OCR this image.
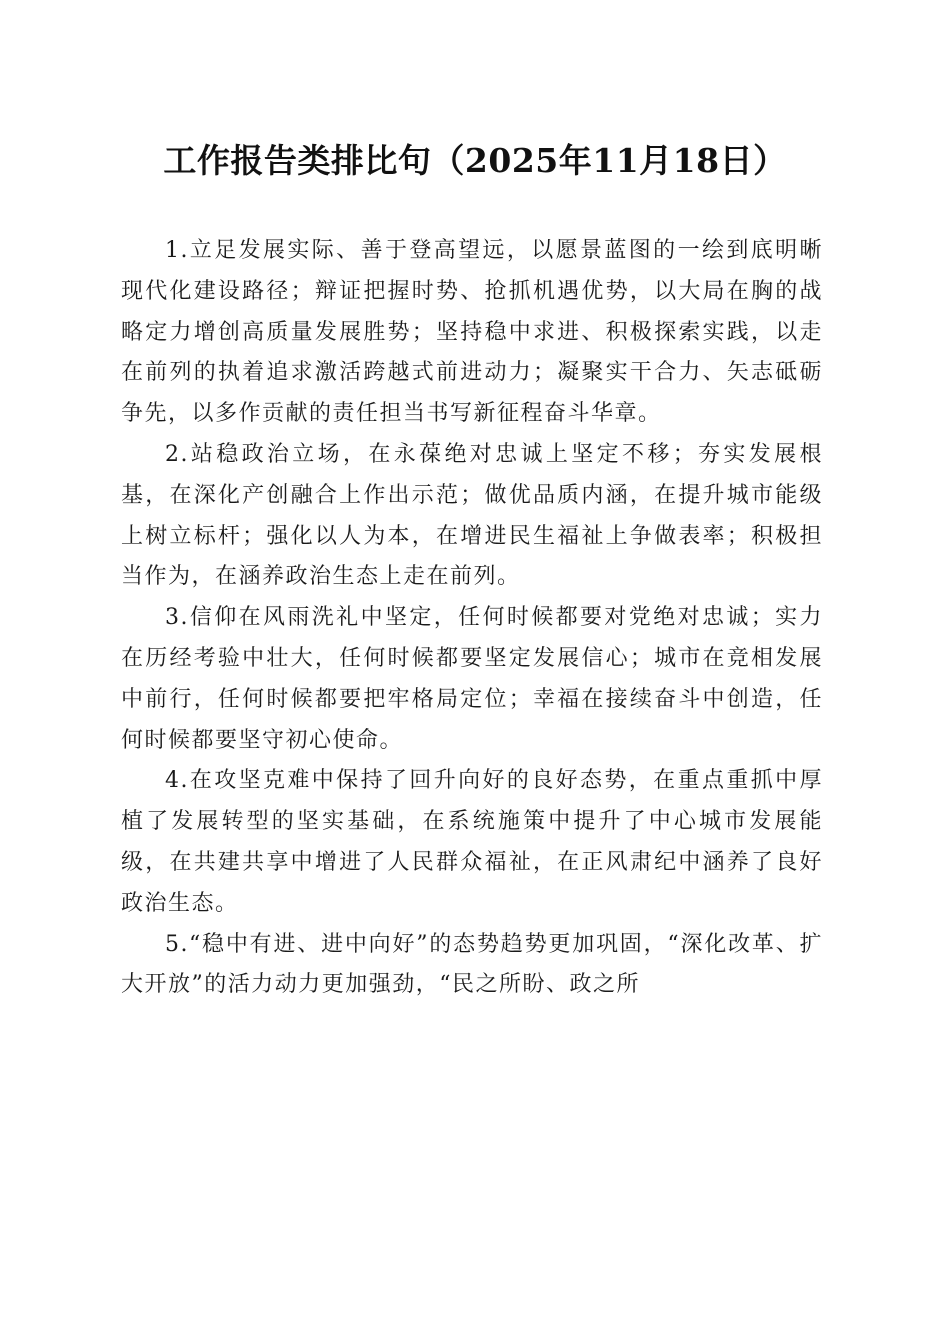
工作报告类排比句（2025年11月18日）

1.立足发展实际、善于登高望远，以愿景蓝图的一绘到底明晰现代化建设路径；辩证把握时势、抢抓机遇优势，以大局在胸的战略定力增创高质量发展胜势；坚持稳中求进、积极探索实践，以走在前列的执着追求激活跨越式前进动力；凝聚实干合力、矢志砥砺争先，以多作贡献的责任担当书写新征程奋斗华章。

2.站稳政治立场，在永葆绝对忠诚上坚定不移；夯实发展根基，在深化产创融合上作出示范；做优品质内涵，在提升城市能级上树立标杆；强化以人为本，在增进民生福祉上争做表率；积极担当作为，在涵养政治生态上走在前列。

3.信仰在风雨洗礼中坚定，任何时候都要对党绝对忠诚；实力在历经考验中壮大，任何时候都要坚定发展信心；城市在竞相发展中前行，任何时候都要把牢格局定位；幸福在接续奋斗中创造，任何时候都要坚守初心使命。

4.在攻坚克难中保持了回升向好的良好态势，在重点重抓中厚植了发展转型的坚实基础，在系统施策中提升了中心城市发展能级，在共建共享中增进了人民群众福祉，在正风肃纪中涵养了良好政治生态。

5.“稳中有进、进中向好”的态势趋势更加巩固，“深化改革、扩大开放”的活力动力更加强劲，“民之所盼、政之所
